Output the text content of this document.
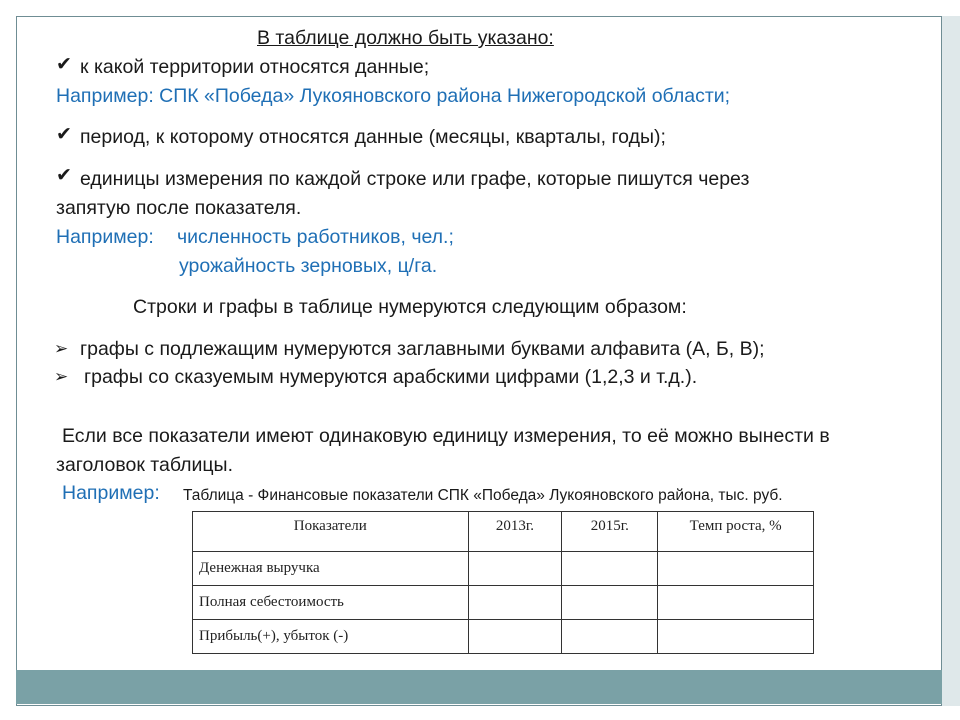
В таблице должно быть указано:
✔ к какой территории относятся данные;
Например: СПК «Победа» Лукояновского района Нижегородской области;
✔ период, к которому относятся данные (месяцы, кварталы, годы);
✔ единицы измерения по каждой строке или графе, которые пишутся через
запятую после показателя.
Например: численность работников, чел.;
урожайность зерновых, ц/га.
Строки и графы в таблице нумеруются следующим образом:
➢ графы с подлежащим нумеруются заглавными буквами алфавита (А, Б, В);
➢ графы со сказуемым нумеруются арабскими цифрами (1,2,3 и т.д.).
Если все показатели имеют одинаковую единицу измерения, то её можно вынести в
заголовок таблицы.
Например: Таблица - Финансовые показатели СПК «Победа» Лукояновского района, тыс. руб.
Показатели	2013г.	2015г.	Темп роста, %
Денежная выручка			
Полная себестоимость			
Прибыль(+), убыток (-)			
